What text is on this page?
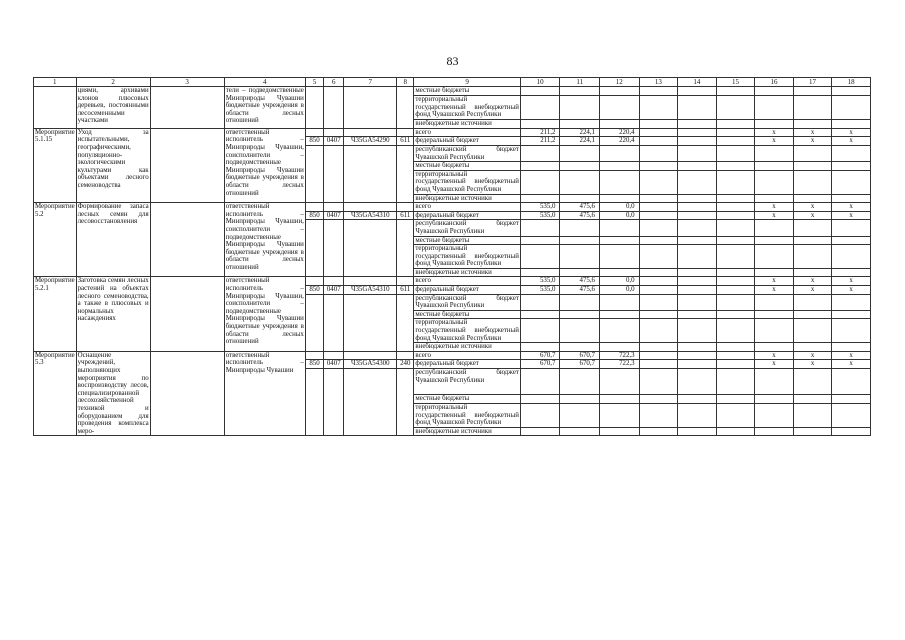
83
1	2	3	4	5	6	7	8	9	10	11	12	13	14	15	16	17	18
	циями, архивами клонов плюсовых деревьев, постоянными лесосеменными участками		тели – подведомственные Минприроды Чувашии бюджетные учреждения в области лесных отношений					местные бюджеты									
								территориальный государственный внебюджетный фонд Чувашской Республики									
								внебюджетные источники									
Мероприятие 5.1.15	Уход за испытательными, географическими, популяционно-экологическими культурами как объектами лесного семеноводства		ответственный исполнитель – Минприроды Чувашии, соисполнители – подведомственные Минприроды Чувашии бюджетные учреждения в области лесных отношений					всего	211,2	224,1	220,4				x	x	x
				850	0407	Ч35GA54290	611	федеральный бюджет	211,2	224,1	220,4				x	x	x
								республиканский бюджет Чувашской Республики									
								местные бюджеты									
								территориальный государственный внебюджетный фонд Чувашской Республики									
								внебюджетные источники									
Мероприятие 5.2	Формирование запаса лесных семян для лесовосстановления		ответственный исполнитель – Минприроды Чувашии, соисполнители – подведомственные Минприроды Чувашии бюджетные учреждения в области лесных отношений					всего	535,0	475,6	0,0				x	x	x
				850	0407	Ч35GA54310	611	федеральный бюджет	535,0	475,6	0,0				x	x	x
								республиканский бюджет Чувашской Республики									
								местные бюджеты									
								территориальный государственный внебюджетный фонд Чувашской Республики									
								внебюджетные источники									
Мероприятие 5.2.1	Заготовка семян лесных растений на объектах лесного семеноводства, а также в плюсовых и нормальных насаждениях		ответственный исполнитель – Минприроды Чувашии, соисполнители – подведомственные Минприроды Чувашии бюджетные учреждения в области лесных отношений					всего	535,0	475,6	0,0				x	x	x
				850	0407	Ч35GA54310	611	федеральный бюджет	535,0	475,6	0,0				x	x	x
								республиканский бюджет Чувашской Республики									
								местные бюджеты									
								территориальный государственный внебюджетный фонд Чувашской Республики									
								внебюджетные источники									
Мероприятие 5.3	Оснащение учреждений, выполняющих мероприятия по воспроизводству лесов, специализированной лесохозяйственной техникой и оборудованием для проведения комплекса меро-		ответственный исполнитель – Минприроды Чувашии					всего	670,7	670,7	722,3				x	x	x
				850	0407	Ч35GA54300	240	федеральный бюджет	670,7	670,7	722,3				x	x	x
								республиканский бюджет Чувашской Республики									
								местные бюджеты									
								территориальный государственный внебюджетный фонд Чувашской Республики									
								внебюджетные источники									
